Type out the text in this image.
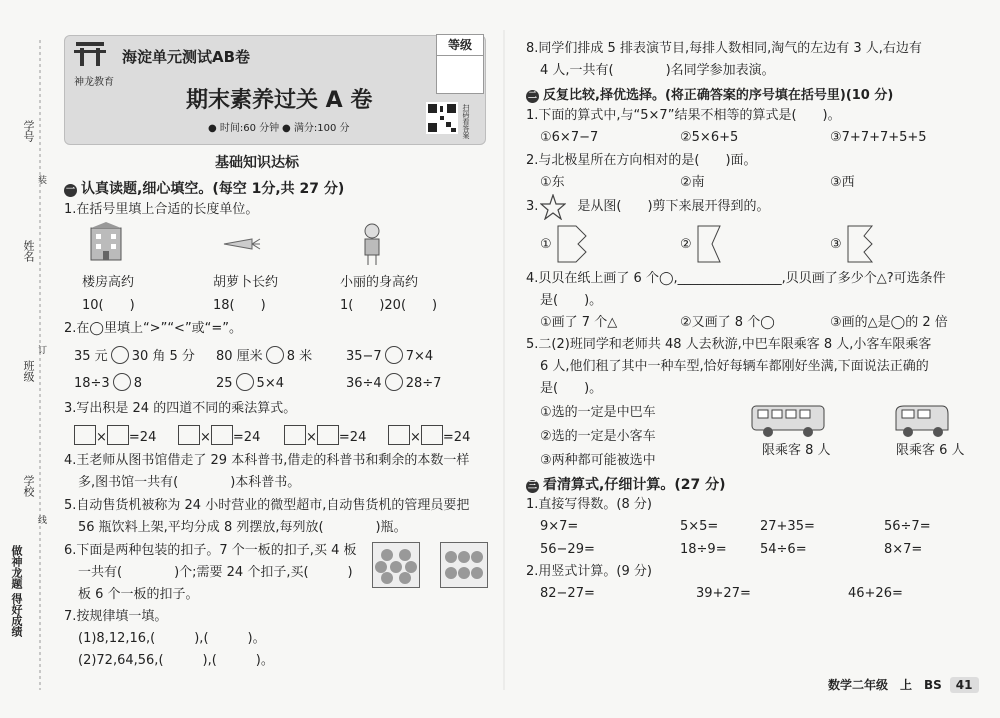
学号
姓名
班级
学校
装
订
线
做神龙题 得好成绩
神龙教育
海淀单元测试AB卷
期末素养过关 A 卷
● 时间:60 分钟 ● 满分:100 分
等级
扫码看答案
基础知识达标
一 认真读题,细心填空。(每空 1分,共 27 分)
1.在括号里填上合适的长度单位。
楼房高约	胡萝卜长约	小丽的身高约
10(　　)	18(　　)	1(　　)20(　　)
2.在◯里填上“>”“<”或“=”。
35 元 30 角 5 分 80 厘米 8 米	35−7 7×4
18÷3 8	25 5×4	36÷4 28÷7
3.写出积是 24 的四道不同的乘法算式。
× =24	× =24	× =24	× =24
4.王老师从图书馆借走了 29 本科普书,借走的科普书和剩余的本数一样
多,图书馆一共有(　　　　)本科普书。
5.自动售货机被称为 24 小时营业的微型超市,自动售货机的管理员要把
56 瓶饮料上架,平均分成 8 列摆放,每列放(　　　　)瓶。
6.下面是两种包装的扣子。7 个一板的扣子,买 4 板
一共有(　　　　)个;需要 24 个扣子,买(　　　)
板 6 个一板的扣子。
7.按规律填一填。
(1)8,12,16,(　　　),(　　　)。
(2)72,64,56,(　　　),(　　　)。
8.同学们排成 5 排表演节目,每排人数相同,淘气的左边有 3 人,右边有
4 人,一共有(　　　　)名同学参加表演。
二 反复比较,择优选择。(将正确答案的序号填在括号里)(10 分)
1.下面的算式中,与“5×7”结果不相等的算式是(　　)。
①6×7−7	②5×6+5	③7+7+7+5+5
2.与北极星所在方向相对的是(　　)面。
①东	②南	③西
3.　　　是从图(　　)剪下来展开得到的。
①	②	③
4.贝贝在纸上画了 6 个◯,________________,贝贝画了多少个△?可选条件
是(　　)。
①画了 7 个△	②又画了 8 个◯	③画的△是◯的 2 倍
5.二(2)班同学和老师共 48 人去秋游,中巴车限乘客 8 人,小客车限乘客
6 人,他们租了其中一种车型,恰好每辆车都刚好坐满,下面说法正确的
是(　　)。
①选的一定是中巴车
②选的一定是小客车
③两种都可能被选中
限乘客 8 人	限乘客 6 人
三 看清算式,仔细计算。(27 分)
1.直接写得数。(8 分)
9×7=	5×5=	27+35=	56÷7=
56−29=	18÷9=	54÷6=	8×7=
2.用竖式计算。(9 分)
82−27=	39+27=	46+26=
数学二年级　上　BS 41
